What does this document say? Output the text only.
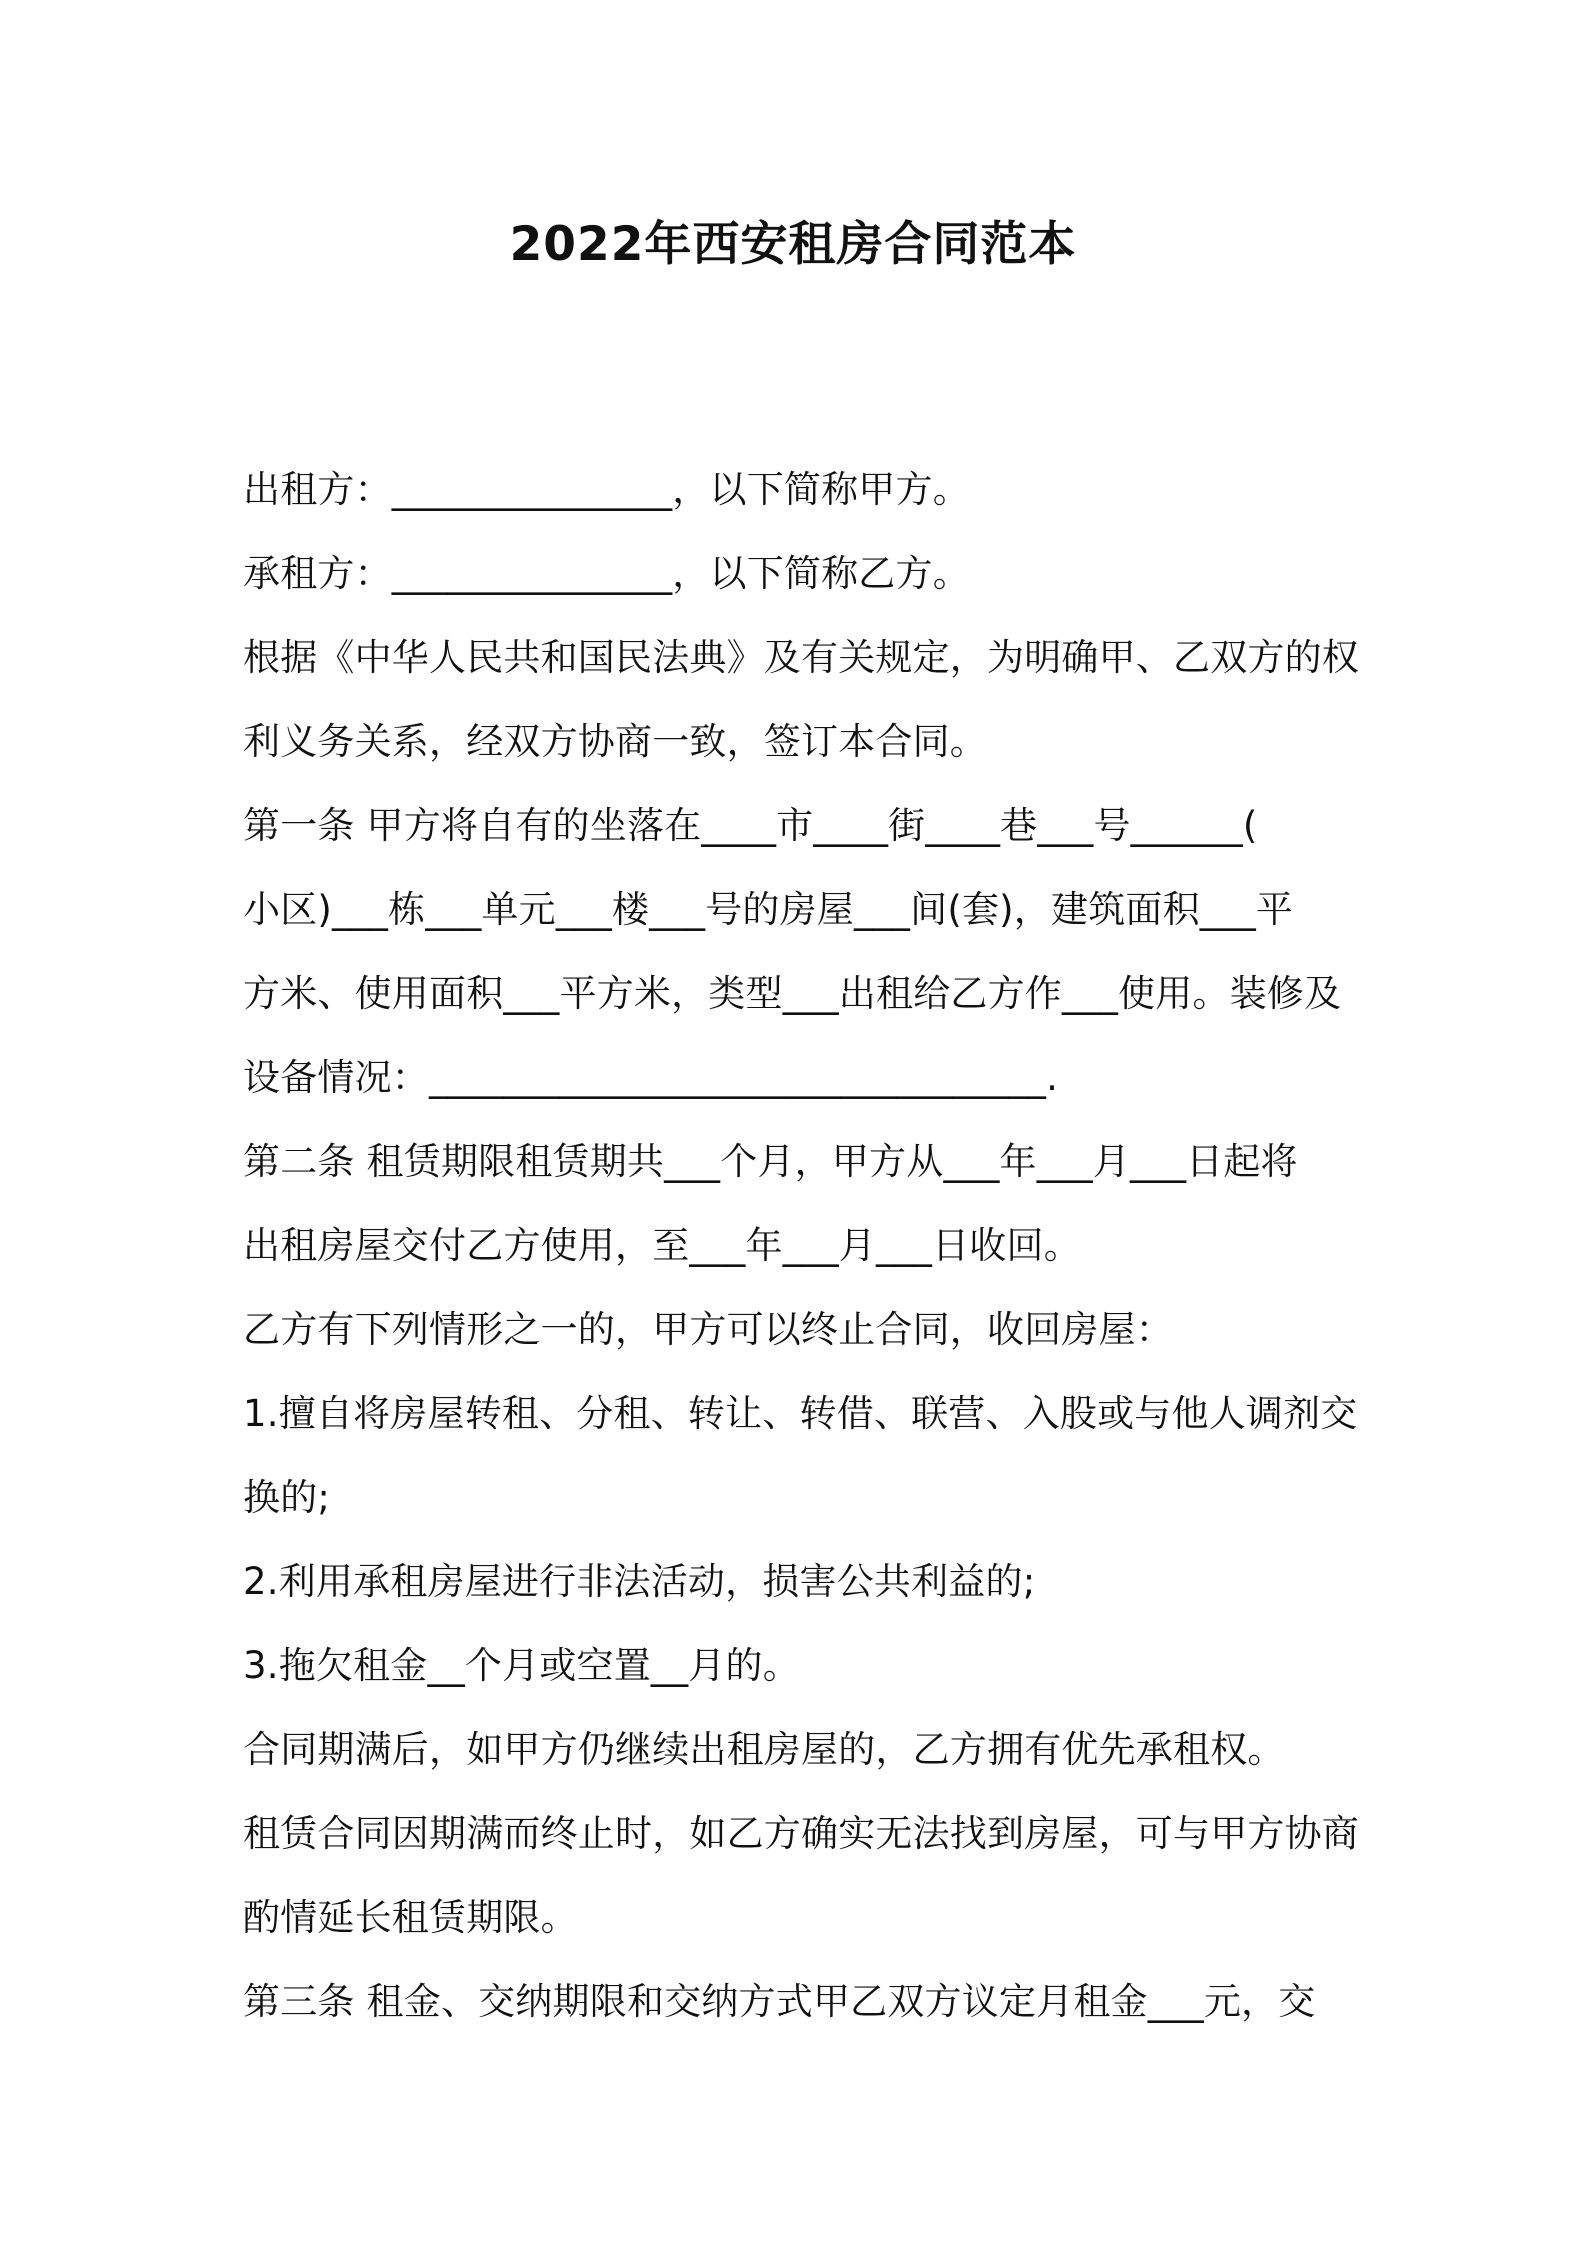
2022年西安租房合同范本

出租方：_______________，以下简称甲方。

承租方：_______________，以下简称乙方。

根据《中华人民共和国民法典》及有关规定，为明确甲、乙双方的权

利义务关系，经双方协商一致，签订本合同。

第一条 甲方将自有的坐落在____市____街____巷___号______(

小区)___栋___单元___楼___号的房屋___间(套)，建筑面积___平

方米、使用面积___平方米，类型___出租给乙方作___使用。装修及

设备情况：_________________________________.

第二条 租赁期限租赁期共___个月，甲方从___年___月___日起将

出租房屋交付乙方使用，至___年___月___日收回。

乙方有下列情形之一的，甲方可以终止合同，收回房屋：

1.擅自将房屋转租、分租、转让、转借、联营、入股或与他人调剂交

换的;

2.利用承租房屋进行非法活动，损害公共利益的;

3.拖欠租金__个月或空置__月的。

合同期满后，如甲方仍继续出租房屋的，乙方拥有优先承租权。

租赁合同因期满而终止时，如乙方确实无法找到房屋，可与甲方协商

酌情延长租赁期限。

第三条 租金、交纳期限和交纳方式甲乙双方议定月租金___元，交
